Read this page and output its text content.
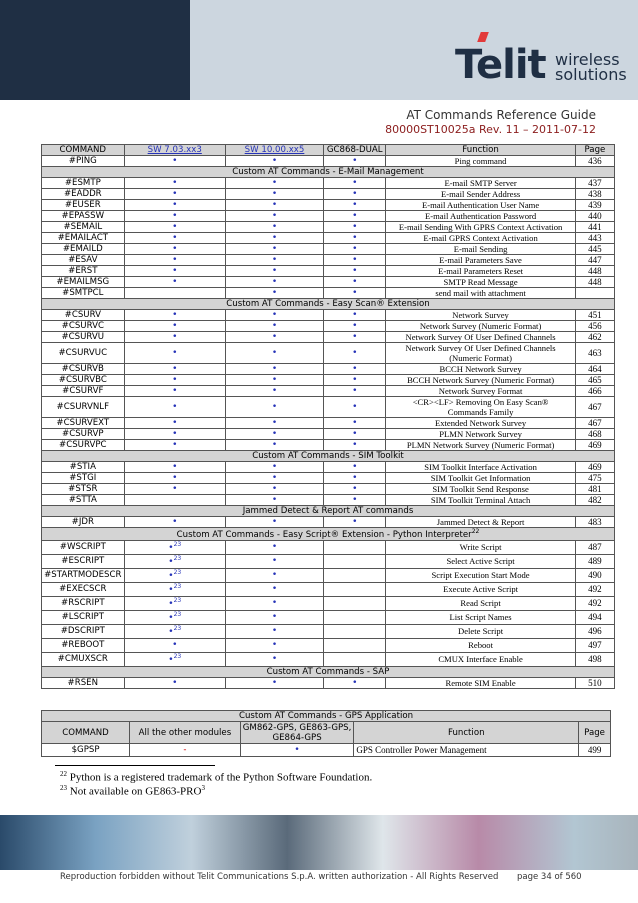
Telit wireless
solutions
AT Commands Reference Guide
80000ST10025a Rev. 11 – 2011-07-12
COMMAND	SW 7.03.xx3	SW 10.00.xx5	GC868-DUAL	Function	Page
#PING	•	•	•	Ping command	436
Custom AT Commands - E-Mail Management					
#ESMTP	•	•	•	E-mail SMTP Server	437
#EADDR	•	•	•	E-mail Sender Address	438
#EUSER	•	•	•	E-mail Authentication User Name	439
#EPASSW	•	•	•	E-mail Authentication Password	440
#SEMAIL	•	•	•	E-mail Sending With GPRS Context Activation	441
#EMAILACT	•	•	•	E-mail GPRS Context Activation	443
#EMAILD	•	•	•	E-mail Sending	445
#ESAV	•	•	•	E-mail Parameters Save	447
#ERST	•	•	•	E-mail Parameters Reset	448
#EMAILMSG	•	•	•	SMTP Read Message	448
#SMTPCL		•	•	send mail with attachment	
Custom AT Commands - Easy Scan® Extension					
#CSURV	•	•	•	Network Survey	451
#CSURVC	•	•	•	Network Survey (Numeric Format)	456
#CSURVU	•	•	•	Network Survey Of User Defined Channels	462
#CSURVUC	•	•	•	Network Survey Of User Defined Channels
(Numeric Format)	463
#CSURVB	•	•	•	BCCH Network Survey	464
#CSURVBC	•	•	•	BCCH Network Survey (Numeric Format)	465
#CSURVF	•	•	•	Network Survey Format	466
#CSURVNLF	•	•	•	<CR><LF> Removing On Easy Scan®
Commands Family	467
#CSURVEXT	•	•	•	Extended Network Survey	467
#CSURVP	•	•	•	PLMN Network Survey	468
#CSURVPC	•	•	•	PLMN Network Survey (Numeric Format)	469
Custom AT Commands - SIM Toolkit					
#STIA	•	•	•	SIM Toolkit Interface Activation	469
#STGI	•	•	•	SIM Toolkit Get Information	475
#STSR	•	•	•	SIM Toolkit Send Response	481
#STTA		•	•	SIM Toolkit Terminal Attach	482
Jammed Detect & Report AT commands					
#JDR	•	•	•	Jammed Detect & Report	483
Custom AT Commands - Easy Script® Extension - Python Interpreter$^{22}$
#WSCRIPT	•$^{23}$	•		Write Script	487
#ESCRIPT	•$^{23}$	•		Select Active Script	489
#STARTMODESCR	•$^{23}$	•		Script Execution Start Mode	490
#EXECSCR	•$^{23}$	•		Execute Active Script	492
#RSCRIPT	•$^{23}$	•		Read Script	492
#LSCRIPT	•$^{23}$	•		List Script Names	494
#DSCRIPT	•$^{23}$	•		Delete Script	496
#REBOOT	•	•		Reboot	497
#CMUXSCR	•$^{23}$	•		CMUX Interface Enable	498
Custom AT Commands - SAP					
#RSEN	•	•	•	Remote SIM Enable	510
Custom AT Commands - GPS Application				
COMMAND	All the other modules	GM862-GPS, GE863-GPS,
GE864-GPS	Function	Page
$GPSP	-	•	GPS Controller Power Management	499
$^{22}$ Python is a registered trademark of the Python Software Foundation.
$^{23}$ Not available on GE863-PRO$^3$
Reproduction forbidden without Telit Communications S.p.A. written authorization - All Rights Reserved page 34 of 560
